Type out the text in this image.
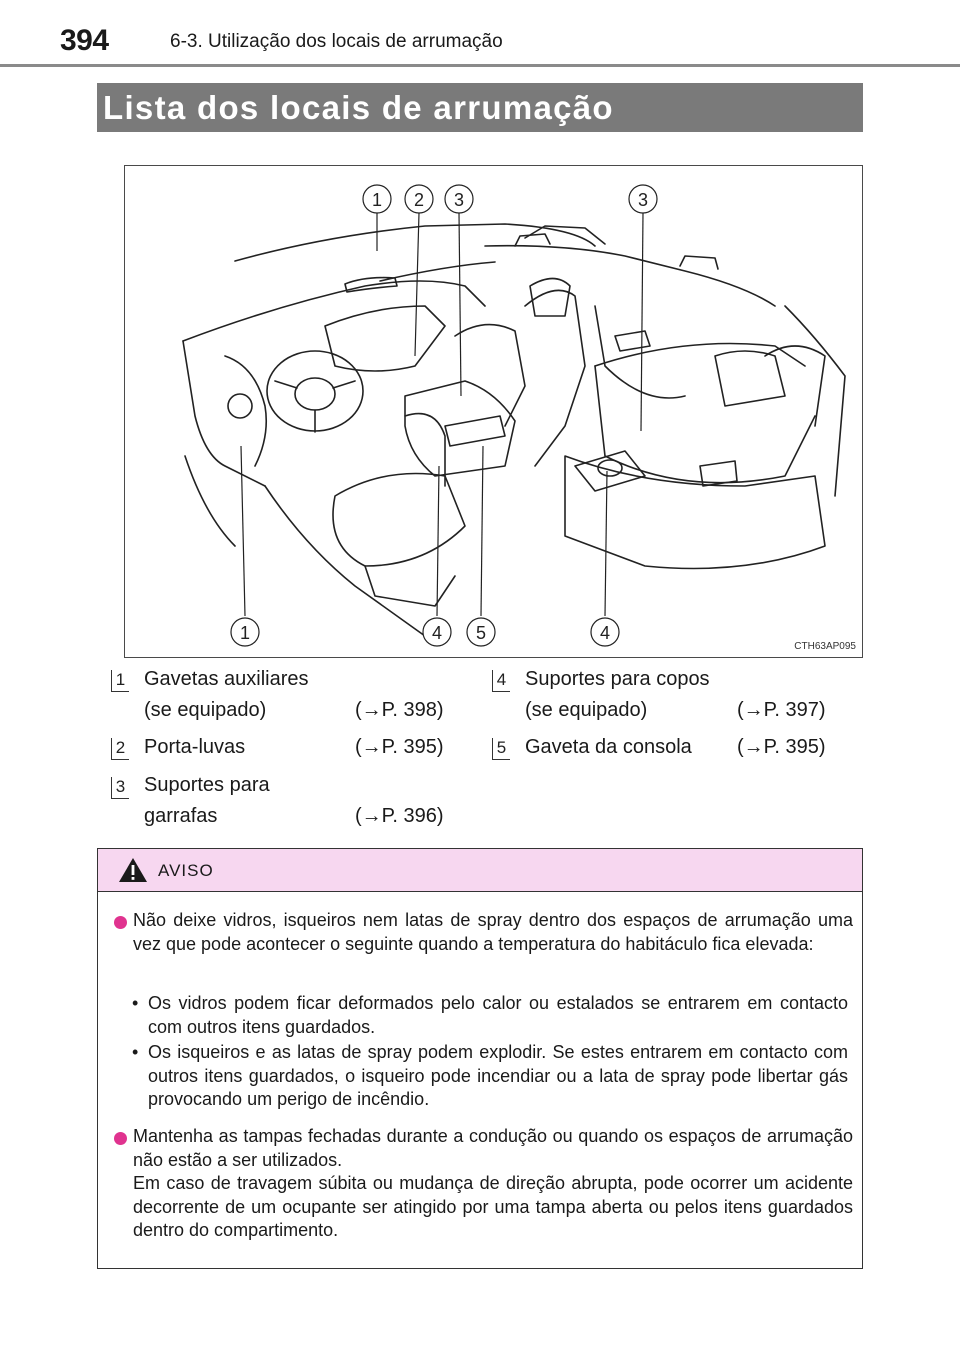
394	6-3. Utilização dos locais de arrumação
Lista dos locais de arrumação
1 2 3	3
1	4 5	4
CTH63AP095
1 Gavetas auxiliares
(se equipado)	(→P. 398)
2 Porta-luvas	(→P. 395)
3 Suportes para
garrafas	(→P. 396)
4 Suportes para copos
(se equipado)	(→P. 397)
5 Gaveta da consola (→P. 395)
AVISO
Não deixe vidros, isqueiros nem latas de spray dentro dos espaços de arrumação uma vez que pode acontecer o seguinte quando a temperatura do habitáculo fica elevada:
• Os vidros podem ficar deformados pelo calor ou estalados se entrarem em contacto com outros itens guardados.
• Os isqueiros e as latas de spray podem explodir. Se estes entrarem em contacto com outros itens guardados, o isqueiro pode incendiar ou a lata de spray pode libertar gás provocando um perigo de incêndio.
Mantenha as tampas fechadas durante a condução ou quando os espaços de arrumação não estão a ser utilizados.
Em caso de travagem súbita ou mudança de direção abrupta, pode ocorrer um acidente decorrente de um ocupante ser atingido por uma tampa aberta ou pelos itens guardados dentro do compartimento.
